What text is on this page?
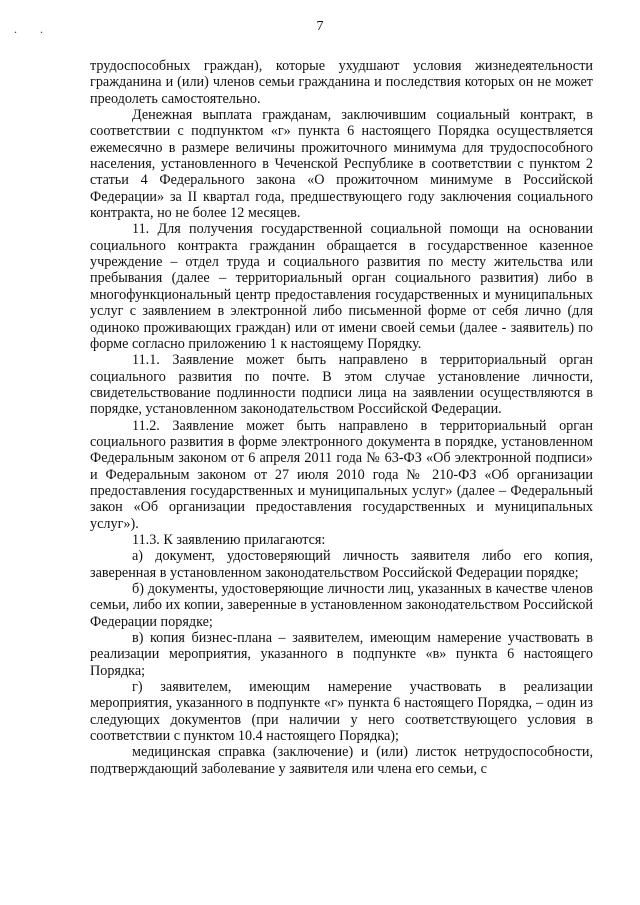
. .	7

трудоспособных граждан), которые ухудшают условия жизнедеятельности гражданина и (или) членов семьи гражданина и последствия которых он не может преодолеть самостоятельно.

Денежная выплата гражданам, заключившим социальный контракт, в соответствии с подпунктом «г» пункта 6 настоящего Порядка осуществляется ежемесячно в размере величины прожиточного минимума для трудоспособного населения, установленного в Чеченской Республике в соответствии с пунктом 2 статьи 4 Федерального закона «О прожиточном минимуме в Российской Федерации» за II квартал года, предшествующего году заключения социального контракта, но не более 12 месяцев.

11. Для получения государственной социальной помощи на основании социального контракта гражданин обращается в государственное казенное учреждение – отдел труда и социального развития по месту жительства или пребывания (далее – территориальный орган социального развития) либо в многофункциональный центр предоставления государственных и муниципальных услуг с заявлением в электронной либо письменной форме от себя лично (для одиноко проживающих граждан) или от имени своей семьи (далее - заявитель) по форме согласно приложению 1 к настоящему Порядку.

11.1. Заявление может быть направлено в территориальный орган социального развития по почте. В этом случае установление личности, свидетельствование подлинности подписи лица на заявлении осуществляются в порядке, установленном законодательством Российской Федерации.

11.2. Заявление может быть направлено в территориальный орган социального развития в форме электронного документа в порядке, установленном Федеральным законом от 6 апреля 2011 года № 63-ФЗ «Об электронной подписи» и Федеральным законом от 27 июля 2010 года № 210-ФЗ «Об организации предоставления государственных и муниципальных услуг» (далее – Федеральный закон «Об организации предоставления государственных и муниципальных услуг»).

11.3. К заявлению прилагаются:

а) документ, удостоверяющий личность заявителя либо его копия, заверенная в установленном законодательством Российской Федерации порядке;

б) документы, удостоверяющие личности лиц, указанных в качестве членов семьи, либо их копии, заверенные в установленном законодательством Российской Федерации порядке;

в) копия бизнес-плана – заявителем, имеющим намерение участвовать в реализации мероприятия, указанного в подпункте «в» пункта 6 настоящего Порядка;

г) заявителем, имеющим намерение участвовать в реализации мероприятия, указанного в подпункте «г» пункта 6 настоящего Порядка, – один из следующих документов (при наличии у него соответствующего условия в соответствии с пунктом 10.4 настоящего Порядка);

медицинская справка (заключение) и (или) листок нетрудоспособности, подтверждающий заболевание у заявителя или члена его семьи, с
